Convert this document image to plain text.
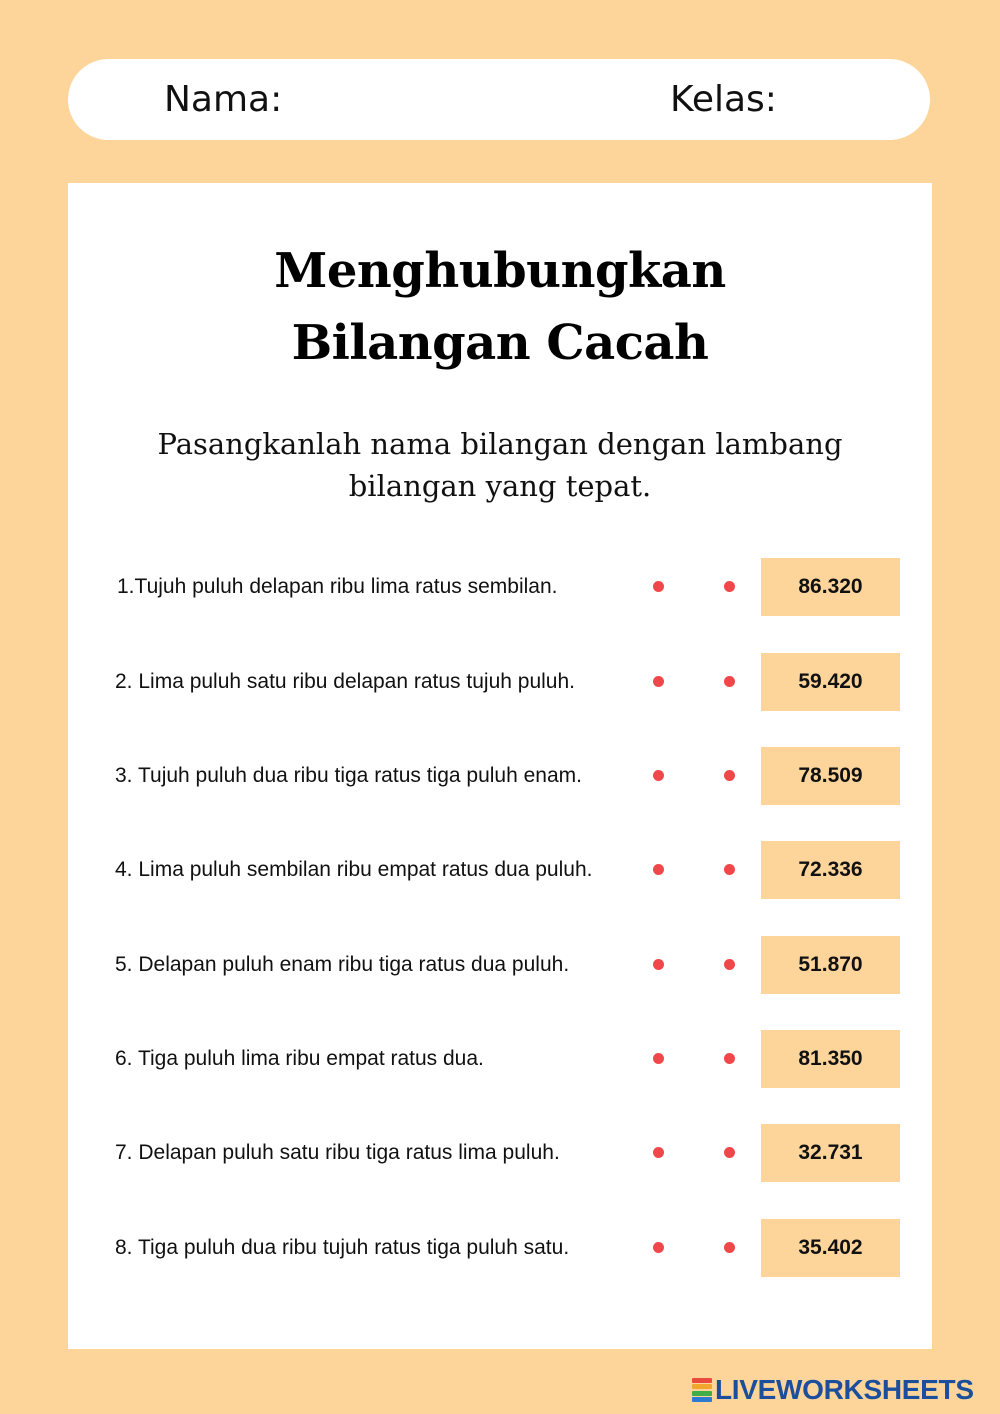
Nama:	Kelas:
Menghubungkan
Bilangan Cacah
Pasangkanlah nama bilangan dengan lambang
bilangan yang tepat.
1.Tujuh puluh delapan ribu lima ratus sembilan.	86.320
2. Lima puluh satu ribu delapan ratus tujuh puluh.	59.420
3. Tujuh puluh dua ribu tiga ratus tiga puluh enam.	78.509
4. Lima puluh sembilan ribu empat ratus dua puluh.	72.336
5. Delapan puluh enam ribu tiga ratus dua puluh.	51.870
6. Tiga puluh lima ribu empat ratus dua.	81.350
7. Delapan puluh satu ribu tiga ratus lima puluh.	32.731
8. Tiga puluh dua ribu tujuh ratus tiga puluh satu.	35.402
LIVEWORKSHEETS
